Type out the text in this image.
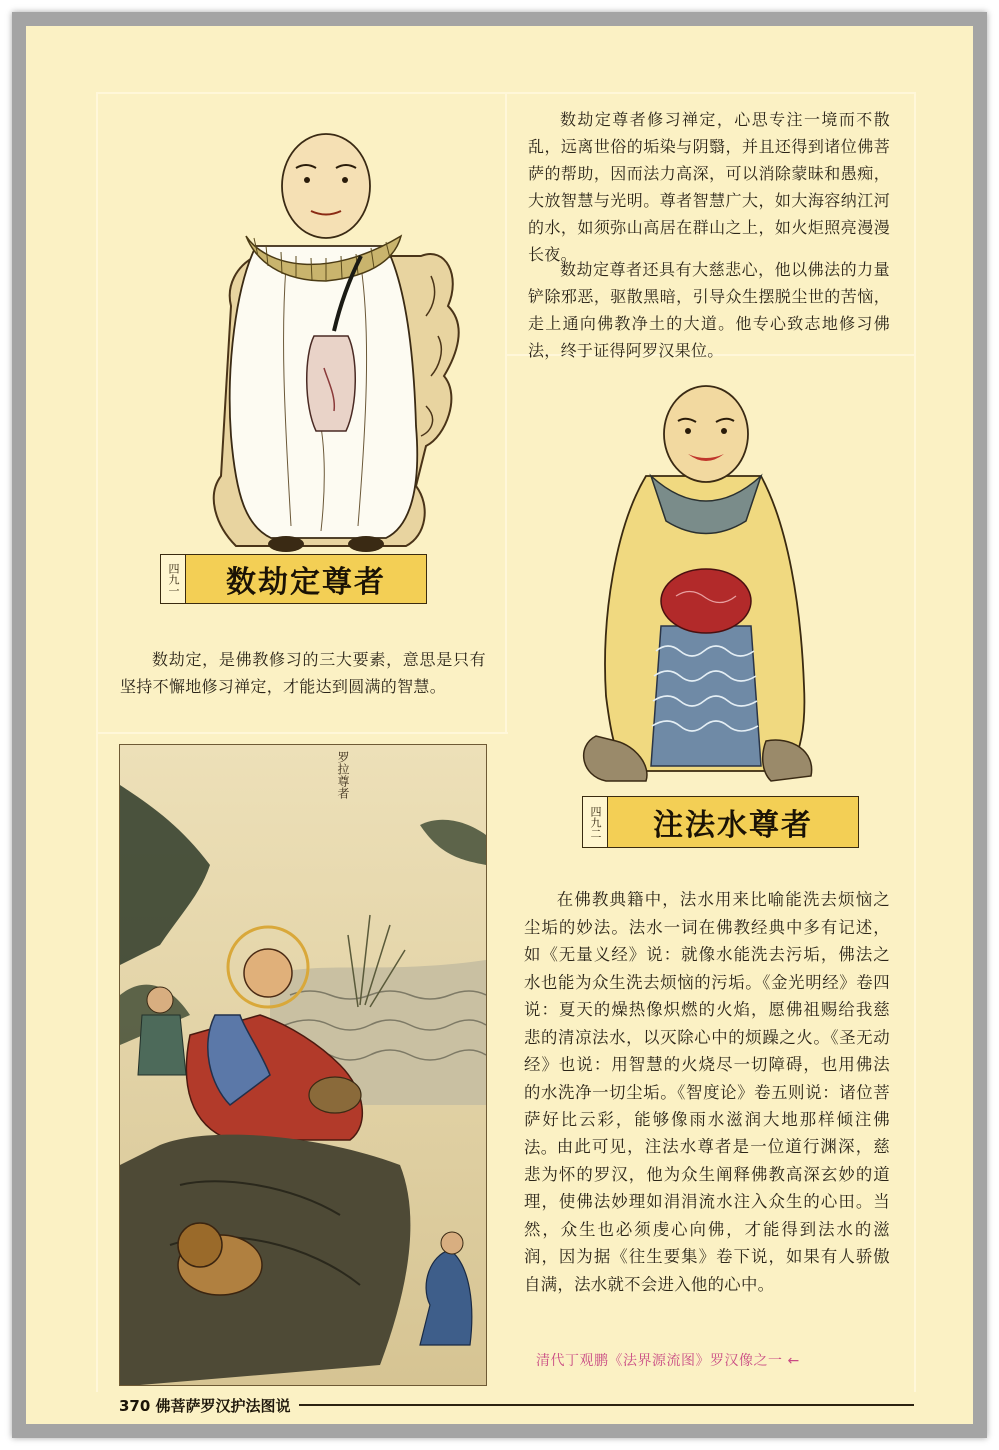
四九一	数劫定尊者

数劫定，是佛教修习的三大要素，意思是只有坚持不懈地修习禅定，才能达到圆满的智慧。

数劫定尊者修习禅定，心思专注一境而不散乱，远离世俗的垢染与阴翳，并且还得到诸位佛菩萨的帮助，因而法力高深，可以消除蒙昧和愚痴，大放智慧与光明。尊者智慧广大，如大海容纳江河的水，如须弥山高居在群山之上，如火炬照亮漫漫长夜。

数劫定尊者还具有大慈悲心，他以佛法的力量铲除邪恶，驱散黑暗，引导众生摆脱尘世的苦恼，走上通向佛教净土的大道。他专心致志地修习佛法，终于证得阿罗汉果位。

四九二	注法水尊者

在佛教典籍中，法水用来比喻能洗去烦恼之尘垢的妙法。法水一词在佛教经典中多有记述，如《无量义经》说：就像水能洗去污垢，佛法之水也能为众生洗去烦恼的污垢。《金光明经》卷四说：夏天的燥热像炽燃的火焰，愿佛祖赐给我慈悲的清凉法水，以灭除心中的烦躁之火。《圣无动经》也说：用智慧的火烧尽一切障碍，也用佛法的水洗净一切尘垢。《智度论》卷五则说：诸位菩萨好比云彩，能够像雨水滋润大地那样倾注佛法。 由此可见，注法水尊者是一位道行渊深，慈悲为怀的罗汉，他为众生阐释佛教高深玄妙的道理，使佛法妙理如涓涓流水注入众生的心田。当然，众生也必须虔心向佛，才能得到法水的滋润，因为据《往生要集》卷下说，如果有人骄傲自满，法水就不会进入他的心中。

罗拉尊者
清代丁观鹏《法界源流图》罗汉像之一 ←
370 佛菩萨罗汉护法图说
